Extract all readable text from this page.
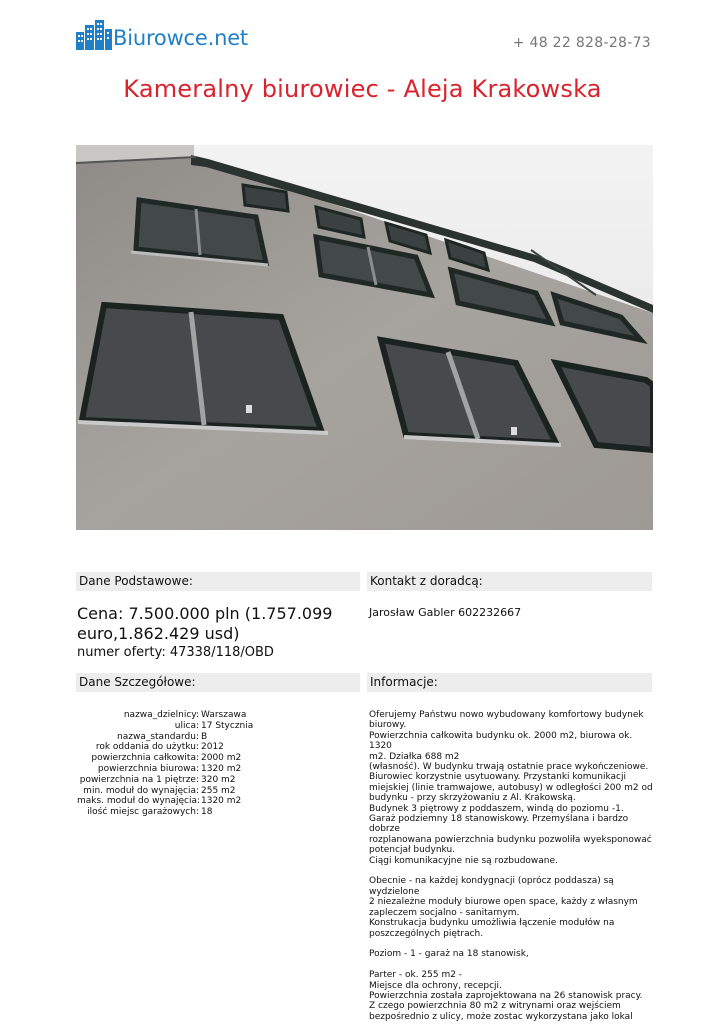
Biurowce.net	+ 48 22 828-28-73
Kameralny biurowiec - Aleja Krakowska
Dane Podstawowe:	Kontakt z doradcą:
Cena: 7.500.000 pln (1.757.099
euro,1.862.429 usd)
numer oferty: 47338/118/OBD
Jarosław Gabler 602232667
Dane Szczegółowe:	Informacje:
nazwa_dzielnicy: Warszawa
ulica: 17 Stycznia
nazwa_standardu: B
rok oddania do użytku: 2012
powierzchnia całkowita: 2000 m2
powierzchnia biurowa: 1320 m2
powierzchnia na 1 piętrze: 320 m2
min. moduł do wynajęcia: 255 m2
maks. moduł do wynajęcia: 1320 m2
ilość miejsc garażowych: 18

Oferujemy Państwu nowo wybudowany komfortowy budynek

biurowy.

Powierzchnia całkowita budynku ok. 2000 m2, biurowa ok. 1320

m2. Działka 688 m2

(własność). W budynku trwają ostatnie prace wykończeniowe.

Biurowiec korzystnie usytuowany. Przystanki komunikacji

miejskiej (linie tramwajowe, autobusy) w odległości 200 m2 od

budynku - przy skrzyżowaniu z Al. Krakowską.

Budynek 3 piętrowy z poddaszem, windą do poziomu -1.

Garaż podziemny 18 stanowiskowy. Przemyślana i bardzo dobrze

rozplanowana powierzchnia budynku pozwoliła wyeksponować

potencjał budynku.

Ciągi komunikacyjne nie są rozbudowane.

Obecnie - na każdej kondygnacji (oprócz poddasza) są wydzielone

2 niezależne moduły biurowe open space, każdy z własnym

zapleczem socjalno - sanitarnym.

Konstrukacja budynku umożliwia łączenie modułów na

poszczególnych piętrach.

Poziom - 1 - garaż na 18 stanowisk,

Parter - ok. 255 m2 -

Miejsce dla ochrony, recepcji.

Powierzchnia została zaprojektowana na 26 stanowisk pracy.

Z czego powierzchnia 80 m2 z witrynami oraz wejściem

bezpośrednio z ulicy, może zostac wykorzystana jako lokal
